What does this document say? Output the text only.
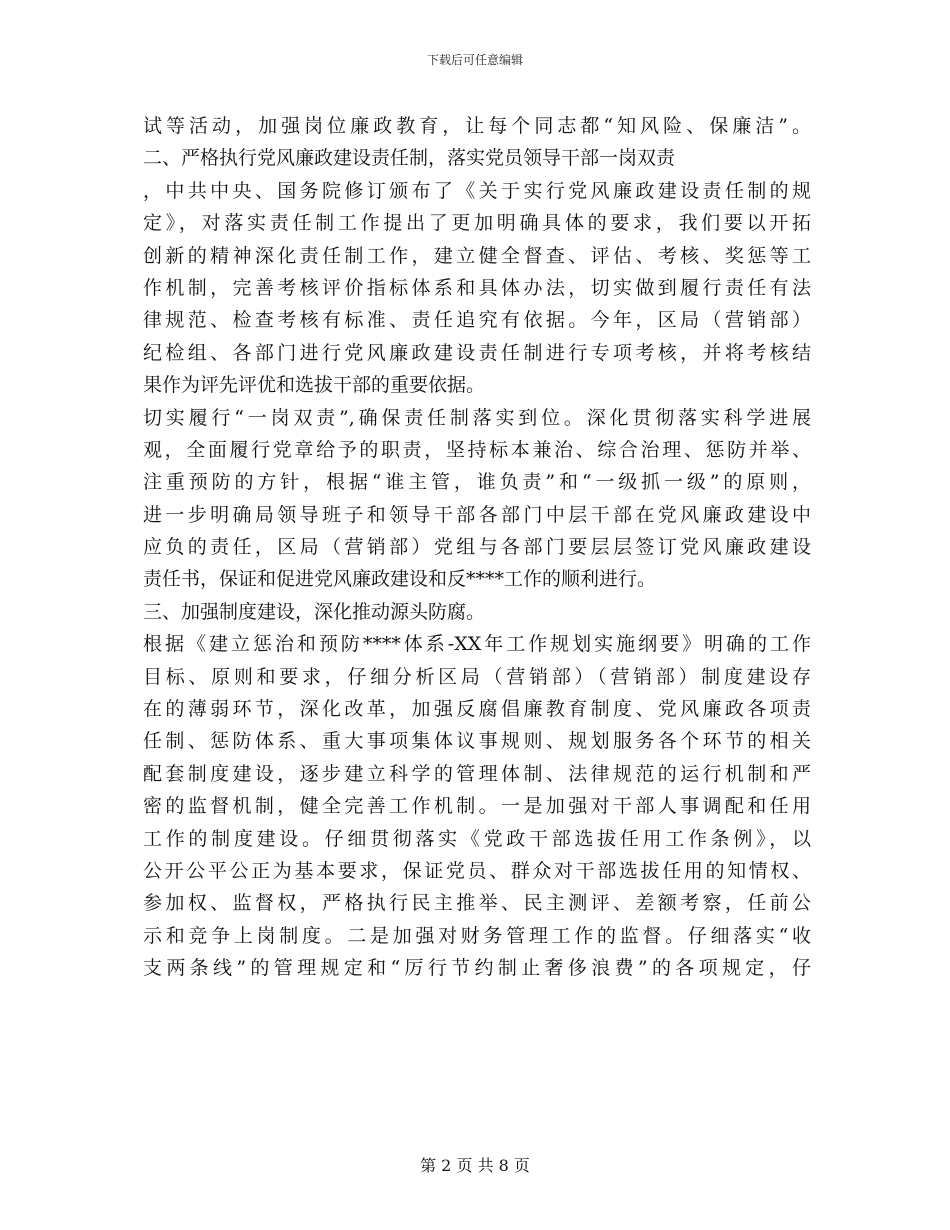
下载后可任意编辑
试等活动，加强岗位廉政教育，让每个同志都“知风险、保廉洁”。
二、严格执行党风廉政建设责任制，落实党员领导干部一岗双责
，中共中央、国务院修订颁布了《关于实行党风廉政建设责任制的规
定》，对落实责任制工作提出了更加明确具体的要求，我们要以开拓
创新的精神深化责任制工作，建立健全督查、评估、考核、奖惩等工
作机制，完善考核评价指标体系和具体办法，切实做到履行责任有法
律规范、检查考核有标准、责任追究有依据。今年，区局（营销部）
纪检组、各部门进行党风廉政建设责任制进行专项考核，并将考核结
果作为评先评优和选拔干部的重要依据。
切实履行“一岗双责”,确保责任制落实到位。深化贯彻落实科学进展
观，全面履行党章给予的职责，坚持标本兼治、综合治理、惩防并举、
注重预防的方针，根据“谁主管，谁负责”和“一级抓一级”的原则，
进一步明确局领导班子和领导干部各部门中层干部在党风廉政建设中
应负的责任，区局（营销部）党组与各部门要层层签订党风廉政建设
责任书，保证和促进党风廉政建设和反****工作的顺利进行。
三、加强制度建设，深化推动源头防腐。
根据《建立惩治和预防****体系-XX年工作规划实施纲要》明确的工作
目标、原则和要求，仔细分析区局（营销部）（营销部）制度建设存
在的薄弱环节，深化改革，加强反腐倡廉教育制度、党风廉政各项责
任制、惩防体系、重大事项集体议事规则、规划服务各个环节的相关
配套制度建设，逐步建立科学的管理体制、法律规范的运行机制和严
密的监督机制，健全完善工作机制。一是加强对干部人事调配和任用
工作的制度建设。仔细贯彻落实《党政干部选拔任用工作条例》，以
公开公平公正为基本要求，保证党员、群众对干部选拔任用的知情权、
参加权、监督权，严格执行民主推举、民主测评、差额考察，任前公
示和竞争上岗制度。二是加强对财务管理工作的监督。仔细落实“收
支两条线”的管理规定和“厉行节约制止奢侈浪费”的各项规定，仔
第 2 页 共 8 页
